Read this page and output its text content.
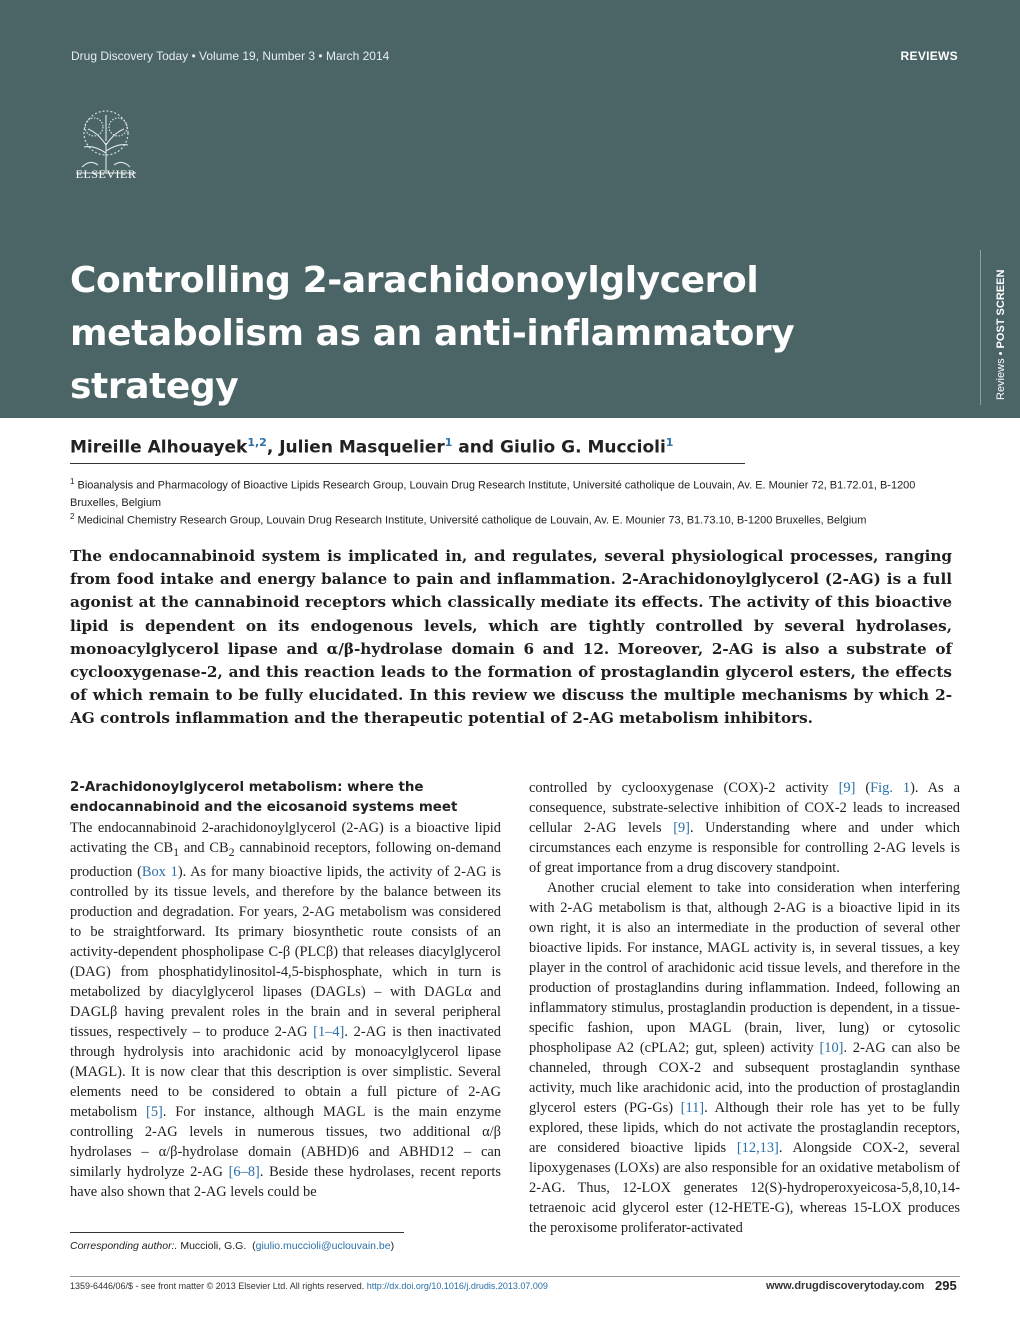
Drug Discovery Today • Volume 19, Number 3 • March 2014	REVIEWS
ELSEVIER
Controlling 2-arachidonoylglycerol metabolism as an anti-inflammatory strategy	Reviews • POST SCREEN
Mireille Alhouayek$^{1,2}$, Julien Masquelier$^1$ and Giulio G. Muccioli$^1$
$^1$ Bioanalysis and Pharmacology of Bioactive Lipids Research Group, Louvain Drug Research Institute, Université catholique de Louvain, Av. E. Mounier 72, B1.72.01, B-1200 Bruxelles, Belgium
$^2$ Medicinal Chemistry Research Group, Louvain Drug Research Institute, Université catholique de Louvain, Av. E. Mounier 73, B1.73.10, B-1200 Bruxelles, Belgium
The endocannabinoid system is implicated in, and regulates, several physiological processes, ranging from food intake and energy balance to pain and inflammation. 2-Arachidonoylglycerol (2-AG) is a full agonist at the cannabinoid receptors which classically mediate its effects. The activity of this bioactive lipid is dependent on its endogenous levels, which are tightly controlled by several hydrolases, monoacylglycerol lipase and α/β-hydrolase domain 6 and 12. Moreover, 2-AG is also a substrate of cyclooxygenase-2, and this reaction leads to the formation of prostaglandin glycerol esters, the effects of which remain to be fully elucidated. In this review we discuss the multiple mechanisms by which 2-AG controls inflammation and the therapeutic potential of 2-AG metabolism inhibitors.
2-Arachidonoylglycerol metabolism: where the endocannabinoid and the eicosanoid systems meet

The endocannabinoid 2-arachidonoylglycerol (2-AG) is a bioactive lipid activating the $CB_1$ and $CB_2$ cannabinoid receptors, following on-demand production (Box 1). As for many bioactive lipids, the activity of 2-AG is controlled by its tissue levels, and therefore by the balance between its production and degradation. For years, 2-AG metabolism was considered to be straightforward. Its primary biosynthetic route consists of an activity-dependent phospholipase C-β (PLCβ) that releases diacylglycerol (DAG) from phosphatidylinositol-4,5-bisphosphate, which in turn is metabolized by diacylglycerol lipases (DAGLs) – with DAGLα and DAGLβ having prevalent roles in the brain and in several peripheral tissues, respectively – to produce 2-AG [1–4]. 2-AG is then inactivated through hydrolysis into arachidonic acid by monoacylglycerol lipase (MAGL). It is now clear that this description is over simplistic. Several elements need to be considered to obtain a full picture of 2-AG metabolism [5]. For instance, although MAGL is the main enzyme controlling 2-AG levels in numerous tissues, two additional α/β hydrolases – α/β-hydrolase domain (ABHD)6 and ABHD12 – can similarly hydrolyze 2-AG [6–8]. Beside these hydrolases, recent reports have also shown that 2-AG levels could be

controlled by cyclooxygenase (COX)-2 activity [9] (Fig. 1). As a consequence, substrate-selective inhibition of COX-2 leads to increased cellular 2-AG levels [9]. Understanding where and under which circumstances each enzyme is responsible for controlling 2-AG levels is of great importance from a drug discovery standpoint.

Another crucial element to take into consideration when interfering with 2-AG metabolism is that, although 2-AG is a bioactive lipid in its own right, it is also an intermediate in the production of several other bioactive lipids. For instance, MAGL activity is, in several tissues, a key player in the control of arachidonic acid tissue levels, and therefore in the production of prostaglandins during inflammation. Indeed, following an inflammatory stimulus, prostaglandin production is dependent, in a tissue-specific fashion, upon MAGL (brain, liver, lung) or cytosolic phospholipase A2 (cPLA2; gut, spleen) activity [10]. 2-AG can also be channeled, through COX-2 and subsequent prostaglandin synthase activity, much like arachidonic acid, into the production of prostaglandin glycerol esters (PG-Gs) [11]. Although their role has yet to be fully explored, these lipids, which do not activate the prostaglandin receptors, are considered bioactive lipids [12,13]. Alongside COX-2, several lipoxygenases (LOXs) are also responsible for an oxidative metabolism of 2-AG. Thus, 12-LOX generates 12(S)-hydroperoxyeicosa-5,8,10,14-tetraenoic acid glycerol ester (12-HETE-G), whereas 15-LOX produces the peroxisome proliferator-activated

Corresponding author:. Muccioli, G.G.  (giulio.muccioli@uclouvain.be)
1359-6446/06/$ - see front matter © 2013 Elsevier Ltd. All rights reserved. http://dx.doi.org/10.1016/j.drudis.2013.07.009	www.drugdiscoverytoday.com 295
